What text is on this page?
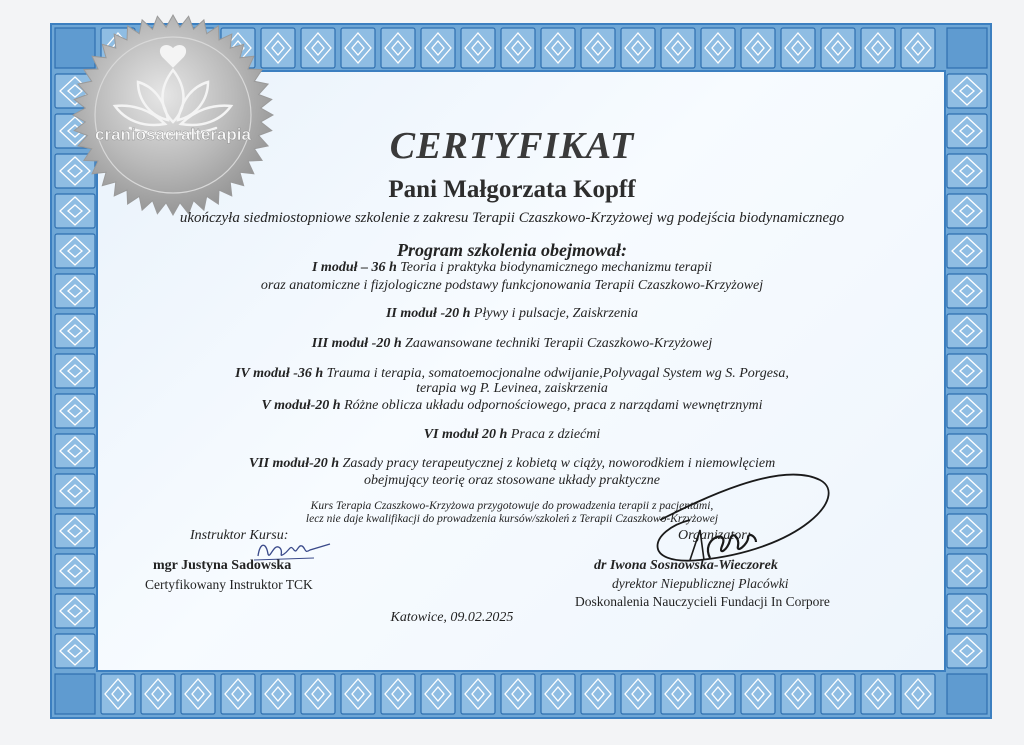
craniosacralterapia	CERTYFIKAT
Pani Małgorzata Kopff
ukończyła siedmiostopniowe szkolenie z zakresu Terapii Czaszkowo-Krzyżowej wg podejścia biodynamicznego
Program szkolenia obejmował:
I moduł – 36 h Teoria i praktyka biodynamicznego mechanizmu terapii
oraz anatomiczne i fizjologiczne podstawy funkcjonowania Terapii Czaszkowo-Krzyżowej
II moduł -20 h Pływy i pulsacje, Zaiskrzenia
III moduł -20 h Zaawansowane techniki Terapii Czaszkowo-Krzyżowej
IV moduł -36 h Trauma i terapia, somatoemocjonalne odwijanie,Polyvagal System wg S. Porgesa,
terapia wg P. Levinea, zaiskrzenia
V moduł-20 h Różne oblicza układu odpornościowego, praca z narządami wewnętrznymi
VI moduł 20 h Praca z dziećmi
VII moduł-20 h Zasady pracy terapeutycznej z kobietą w ciąży, noworodkiem i niemowlęciem
obejmujący teorię oraz stosowane układy praktyczne
Kurs Terapia Czaszkowo-Krzyżowa przygotowuje do prowadzenia terapii z pacjentami,
lecz nie daje kwalifikacji do prowadzenia kursów/szkoleń z Terapii Czaszkowo-Krzyżowej
Instruktor Kursu:
mgr Justyna Sadowska
Certyfikowany Instruktor TCK
Organizator:
dr Iwona Sosnowska-Wieczorek
dyrektor Niepublicznej Placówki
Doskonalenia Nauczycieli Fundacji In Corpore
Katowice, 09.02.2025
